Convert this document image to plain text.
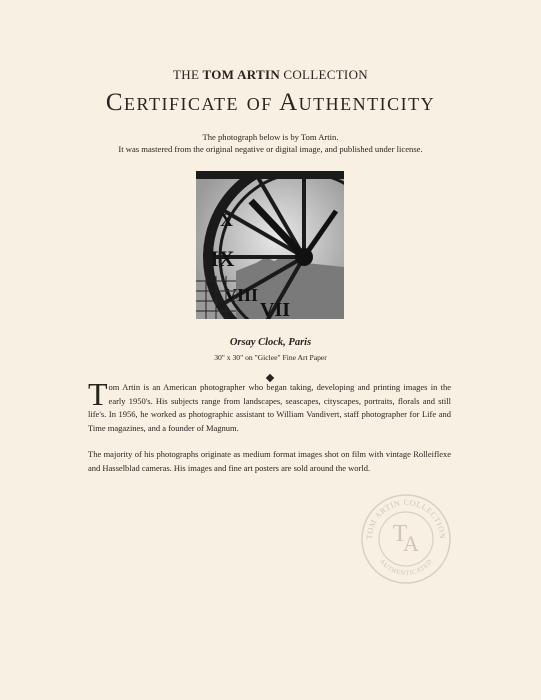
THE TOM ARTIN COLLECTION
Certificate of Authenticity
The photograph below is by Tom Artin.
It was mastered from the original negative or digital image, and published under license.
IX
VIII
VII
X
Orsay Clock, Paris
30" x 30" on "Giclee" Fine Art Paper

Tom Artin is an American photographer who began taking, developing and printing images in the early 1950's. His subjects range from landscapes, seascapes, cityscapes, portraits, florals and still life's. In 1956, he worked as photographic assistant to William Vandivert, staff photographer for Life and Time magazines, and a founder of Magnum.

The majority of his photographs originate as medium format images shot on film with vintage Rolleiflexe and Hasselblad cameras. His images and fine art posters are sold around the world.

TOM ARTIN COLLECTION
AUTHENTICATED
T
A
